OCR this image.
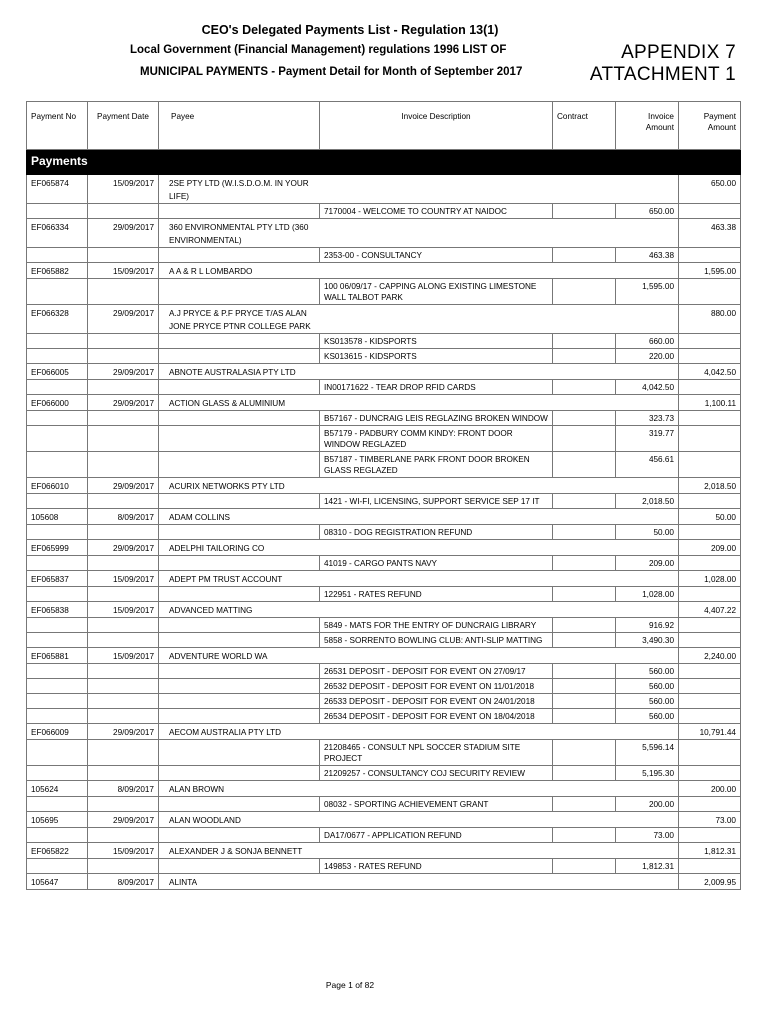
CEO's Delegated Payments List - Regulation 13(1)
Local Government (Financial Management) regulations 1996 LIST OF
MUNICIPAL PAYMENTS - Payment Detail for Month of September 2017
APPENDIX 7
ATTACHMENT 1
Payment No	Payment Date	Payee	Invoice Description	Contract	Invoice Amount	Payment Amount
Payments						
EF065874	15/09/2017	2SE PTY LTD (W.I.S.D.O.M. IN YOUR LIFE)				650.00
			7170004 - WELCOME TO COUNTRY AT NAIDOC		650.00	
EF066334	29/09/2017	360 ENVIRONMENTAL PTY LTD (360 ENVIRONMENTAL)				463.38
			2353-00 - CONSULTANCY		463.38	
EF065882	15/09/2017	A A & R L LOMBARDO				1,595.00
			100 06/09/17 - CAPPING ALONG EXISTING LIMESTONE WALL TALBOT PARK		1,595.00	
EF066328	29/09/2017	A.J PRYCE & P.F PRYCE T/AS ALAN JONE PRYCE PTNR COLLEGE PARK				880.00
			KS013578 - KIDSPORTS		660.00	
			KS013615 - KIDSPORTS		220.00	
EF066005	29/09/2017	ABNOTE AUSTRALASIA PTY LTD				4,042.50
			IN00171622 - TEAR DROP RFID CARDS		4,042.50	
EF066000	29/09/2017	ACTION GLASS & ALUMINIUM				1,100.11
			B57167 - DUNCRAIG LEIS REGLAZING BROKEN WINDOW		323.73	
			B57179 - PADBURY COMM KINDY: FRONT DOOR WINDOW REGLAZED		319.77	
			B57187 - TIMBERLANE PARK FRONT DOOR BROKEN GLASS REGLAZED		456.61	
EF066010	29/09/2017	ACURIX NETWORKS PTY LTD				2,018.50
			1421 - WI-FI, LICENSING, SUPPORT SERVICE SEP 17 IT		2,018.50	
105608	8/09/2017	ADAM COLLINS				50.00
			08310 - DOG REGISTRATION REFUND		50.00	
EF065999	29/09/2017	ADELPHI TAILORING CO				209.00
			41019 - CARGO PANTS NAVY		209.00	
EF065837	15/09/2017	ADEPT PM TRUST ACCOUNT				1,028.00
			122951 - RATES REFUND		1,028.00	
EF065838	15/09/2017	ADVANCED MATTING				4,407.22
			5849 - MATS FOR THE ENTRY OF DUNCRAIG LIBRARY		916.92	
			5858 - SORRENTO BOWLING CLUB: ANTI-SLIP MATTING		3,490.30	
EF065881	15/09/2017	ADVENTURE WORLD WA				2,240.00
			26531 DEPOSIT - DEPOSIT FOR EVENT ON 27/09/17		560.00	
			26532 DEPOSIT - DEPOSIT FOR EVENT ON 11/01/2018		560.00	
			26533 DEPOSIT - DEPOSIT FOR EVENT ON 24/01/2018		560.00	
			26534 DEPOSIT - DEPOSIT FOR EVENT ON 18/04/2018		560.00	
EF066009	29/09/2017	AECOM AUSTRALIA PTY LTD				10,791.44
			21208465 - CONSULT NPL SOCCER STADIUM SITE PROJECT		5,596.14	
			21209257 - CONSULTANCY COJ SECURITY REVIEW		5,195.30	
105624	8/09/2017	ALAN BROWN				200.00
			08032 - SPORTING ACHIEVEMENT GRANT		200.00	
105695	29/09/2017	ALAN WOODLAND				73.00
			DA17/0677 - APPLICATION REFUND		73.00	
EF065822	15/09/2017	ALEXANDER J & SONJA BENNETT				1,812.31
			149853 - RATES REFUND		1,812.31	
105647	8/09/2017	ALINTA				2,009.95
Page 1 of 82
